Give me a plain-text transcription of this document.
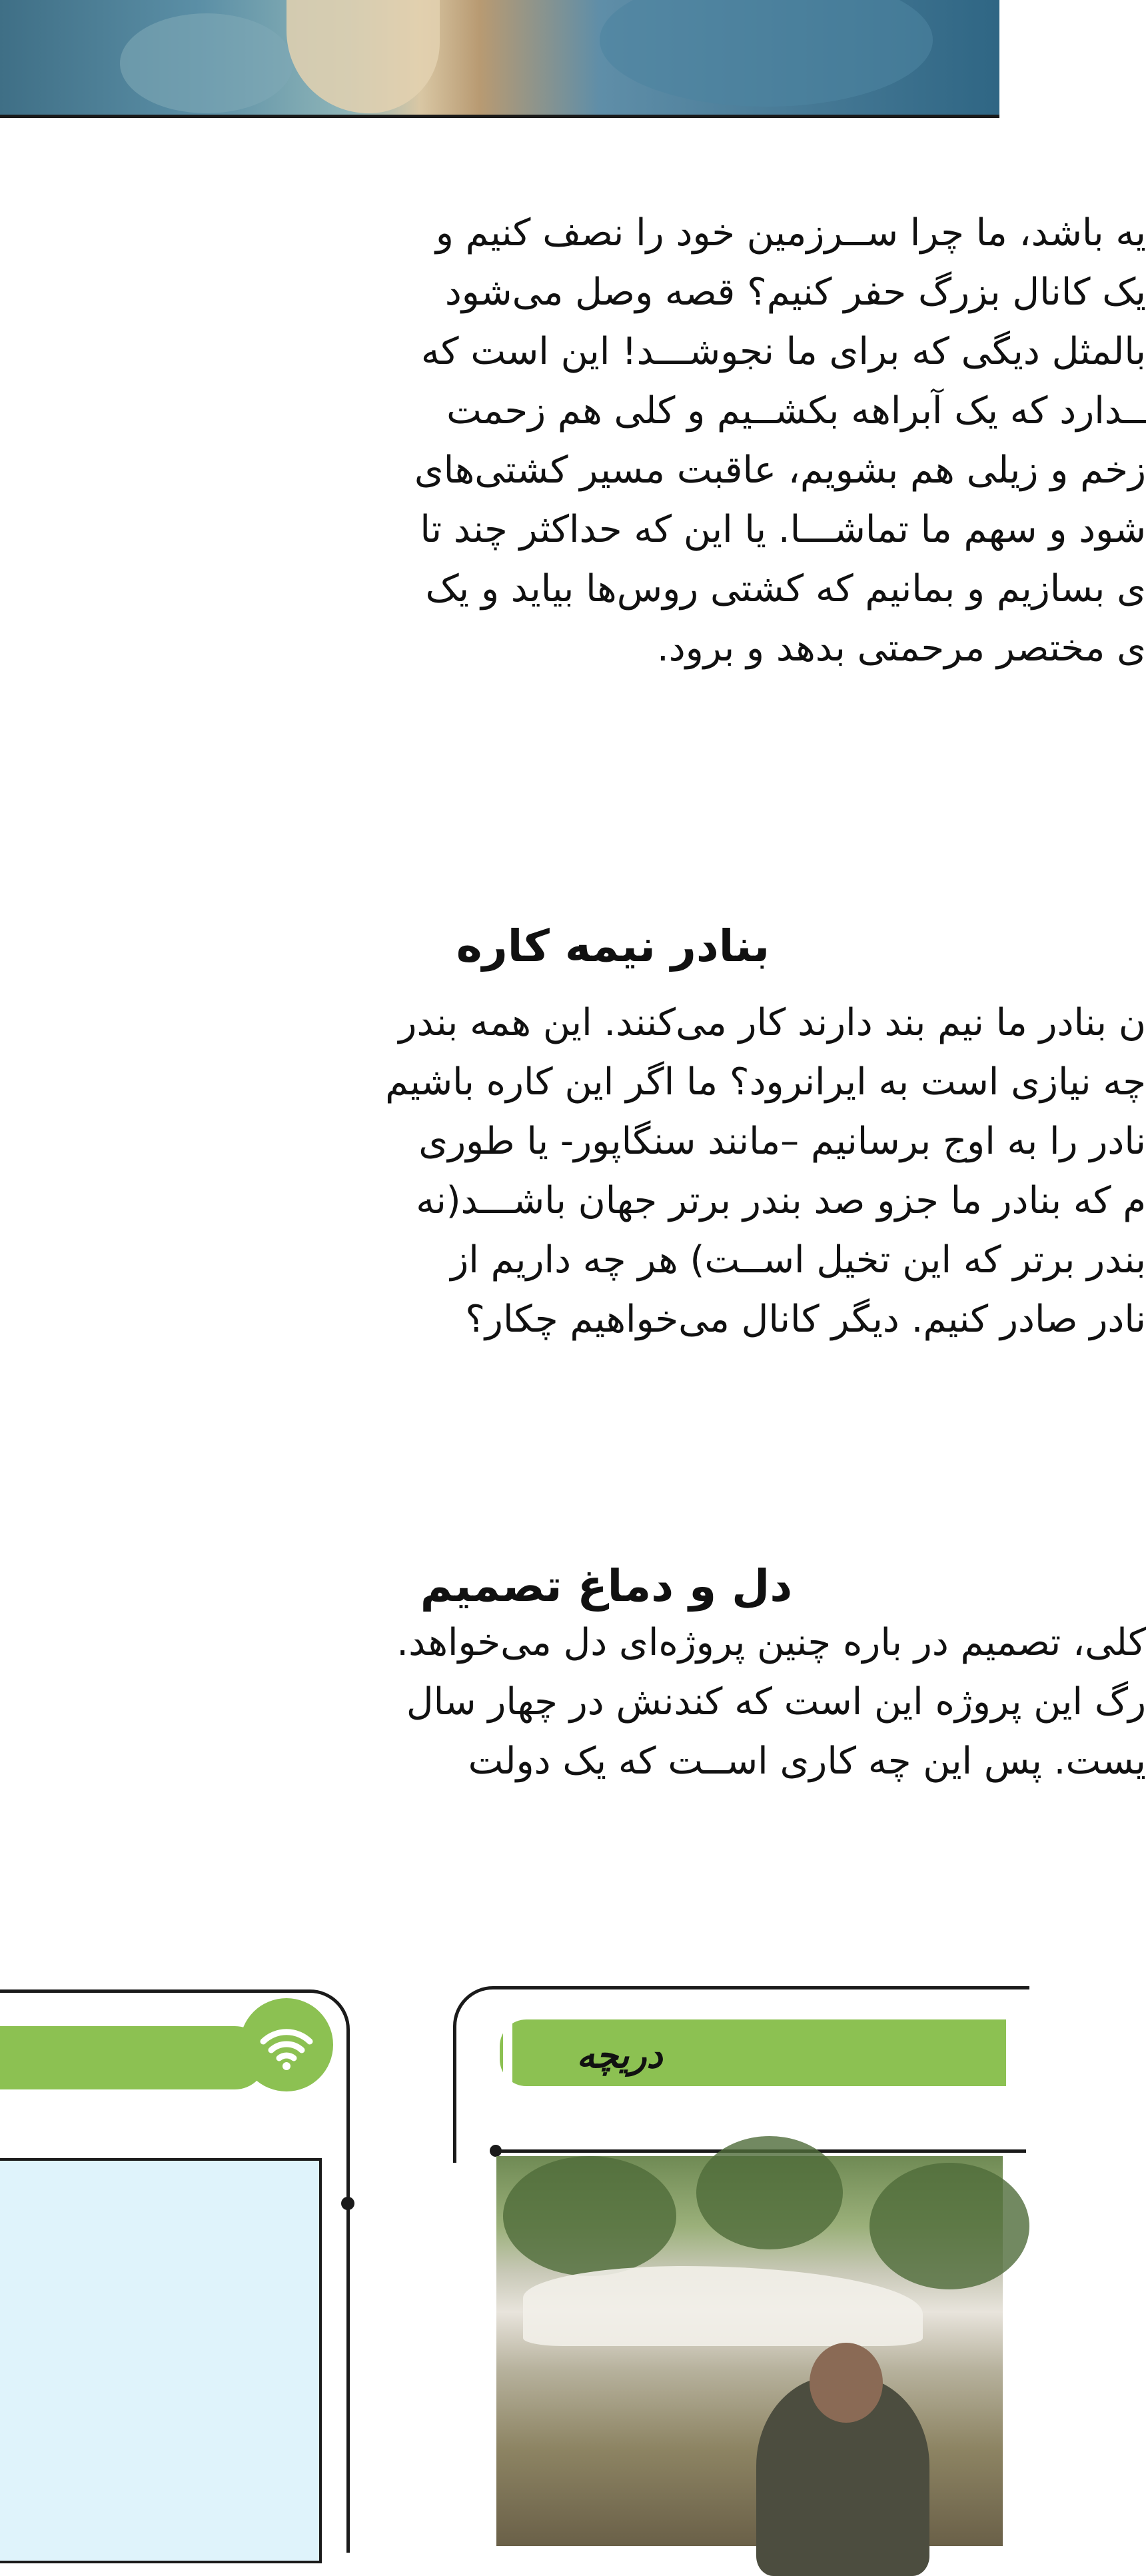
یه باشد، ما چرا ســرزمین خود را نصف کنیم و
یک کانال بزرگ حفر کنیم؟ قصه وصل می‌شود
بالمثل دیگی که برای ما نجوشـــد! این است که
ــدارد که یک آبراهه بکشــیم و کلی هم زحمت
زخم و زیلی هم بشویم، عاقبت مسیر کشتی‌های
شود و سهم ما تماشـــا. یا این که حداکثر چند تا
ی بسازیم و بمانیم که کشتی روس‌ها بیاید و یک
ی مختصر مرحمتی بدهد و برود.
بنادر نیمه کاره
ن بنادر ما نیم بند دارند کار می‌کنند. این همه بندر
چه نیازی است به ایرانرود؟ ما اگر این کاره باشیم
نادر را به اوج برسانیم –مانند سنگاپور- یا طوری
م که بنادر ما جزو صد بندر برتر جهان باشـــد(نه
بندر برتر که این تخیل اســت) هر چه داریم از
نادر صادر کنیم. دیگر کانال می‌خواهیم چکار؟
دل و دماغ تصمیم
کلی، تصمیم در باره چنین پروژه‌ای دل می‌خواهد.
رگ این پروژه این است که کندنش در چهار سال
یست. پس این چه کاری اســت که یک دولت
دریچه
